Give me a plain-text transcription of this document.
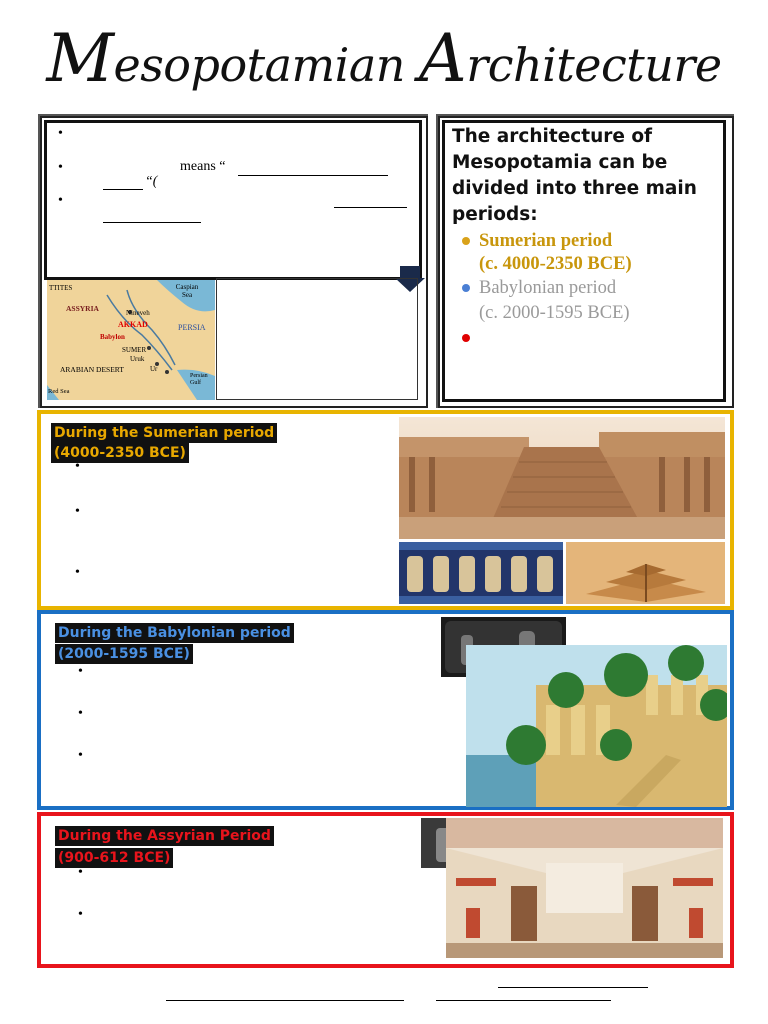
Mesopotamian Architecture
•
•	means “
“(
•
TTITES	Caspian
Sea
ASSYRIA	Nineveh
AKKAD	PERSIA
Babylon
SUMER
Uruk
Ur
ARABIAN DESERT
Persian
Gulf
Red Sea
The architecture of Mesopotamia can be divided into three main periods:
Sumerian period
(c. 4000-2350 BCE)
Babylonian period
(c. 2000-1595 BCE)
During the Sumerian period
(4000-2350 BCE)
•
•
•
During the Babylonian period
(2000-1595 BCE)
•
•
•
During the Assyrian Period
(900-612 BCE)
•
•
